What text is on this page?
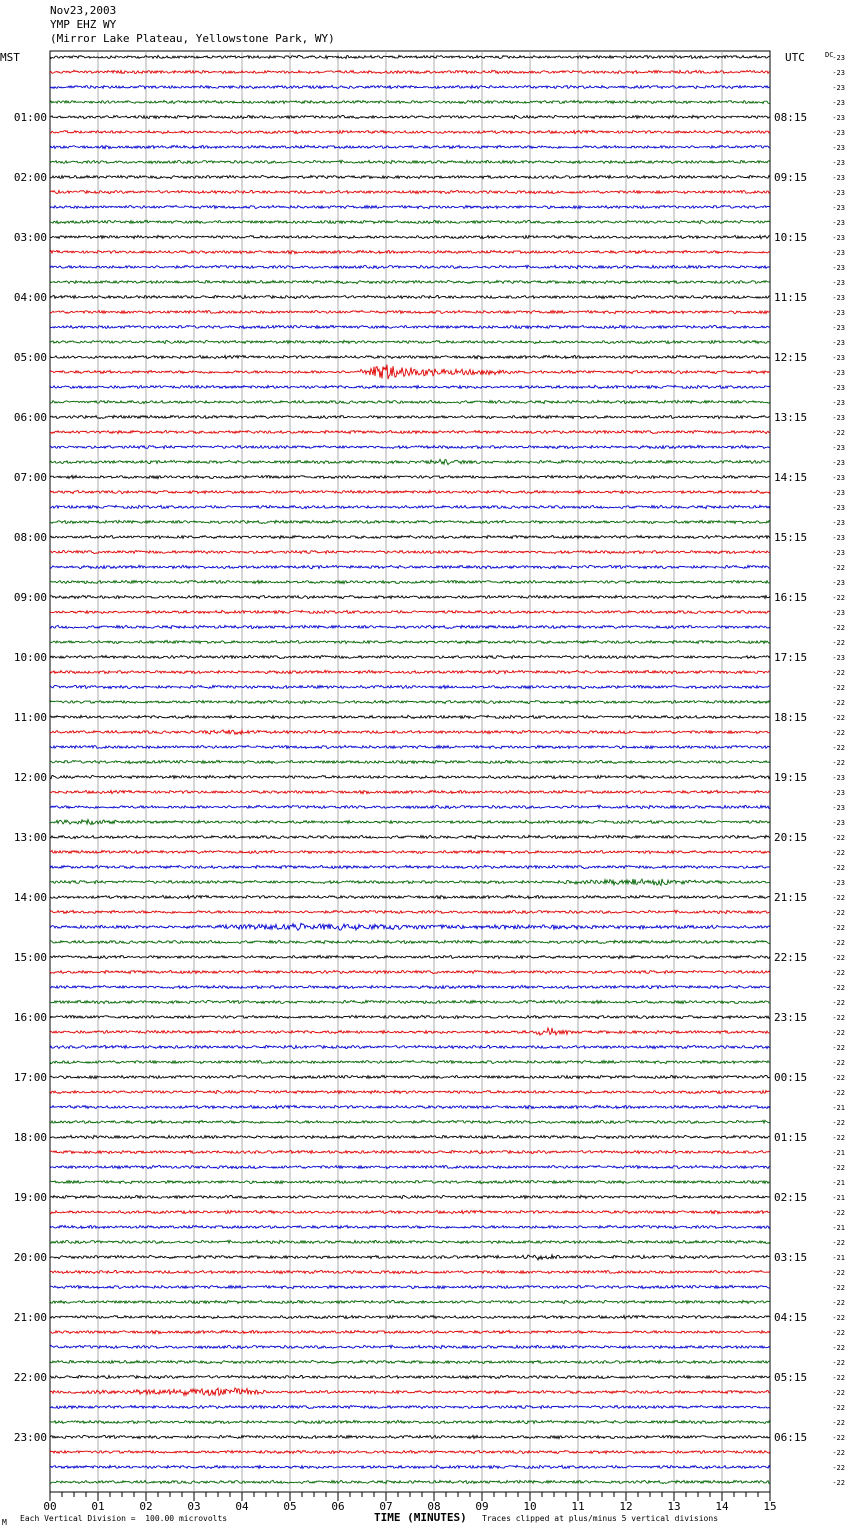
Nov23,2003
YMP EHZ WY
(Mirror Lake Plateau, Yellowstone Park, WY)
MST	UTC
01:00
02:00
03:00
04:00
05:00
06:00
07:00
08:00
09:00
10:00
11:00
12:00
13:00
14:00
15:00
16:00
17:00
18:00
19:00
20:00
21:00
22:00
23:00
08:15
09:15
10:15
11:15
12:15
13:15
14:15
15:15
16:15
17:15
18:15
19:15
20:15
21:15
22:15
23:15
00:15
01:15
02:15
03:15
04:15
05:15
06:15
DC
-23
-23
-23
-23
-23
-23
-23
-23
-23
-23
-23
-23
-23
-23
-23
-23
-23
-23
-23
-23
-23
-23
-23
-23
-23
-22
-23
-23
-23
-23
-23
-23
-23
-23
-22
-23
-22
-23
-22
-22
-23
-22
-22
-22
-22
-22
-22
-22
-23
-23
-23
-23
-22
-22
-22
-23
-22
-22
-22
-22
-22
-22
-22
-22
-22
-22
-22
-22
-22
-22
-21
-22
-22
-21
-22
-21
-21
-22
-21
-22
-21
-22
-22
-22
-22
-22
-22
-22
-22
-22
-22
-22
-22
-22
-22
-22
00	01	02	03	04	05	06	07	08	09	10	11	12	13	14	15
M Each Vertical Division =  100.00 microvolts	TIME (MINUTES) Traces clipped at plus/minus 5 vertical divisions
